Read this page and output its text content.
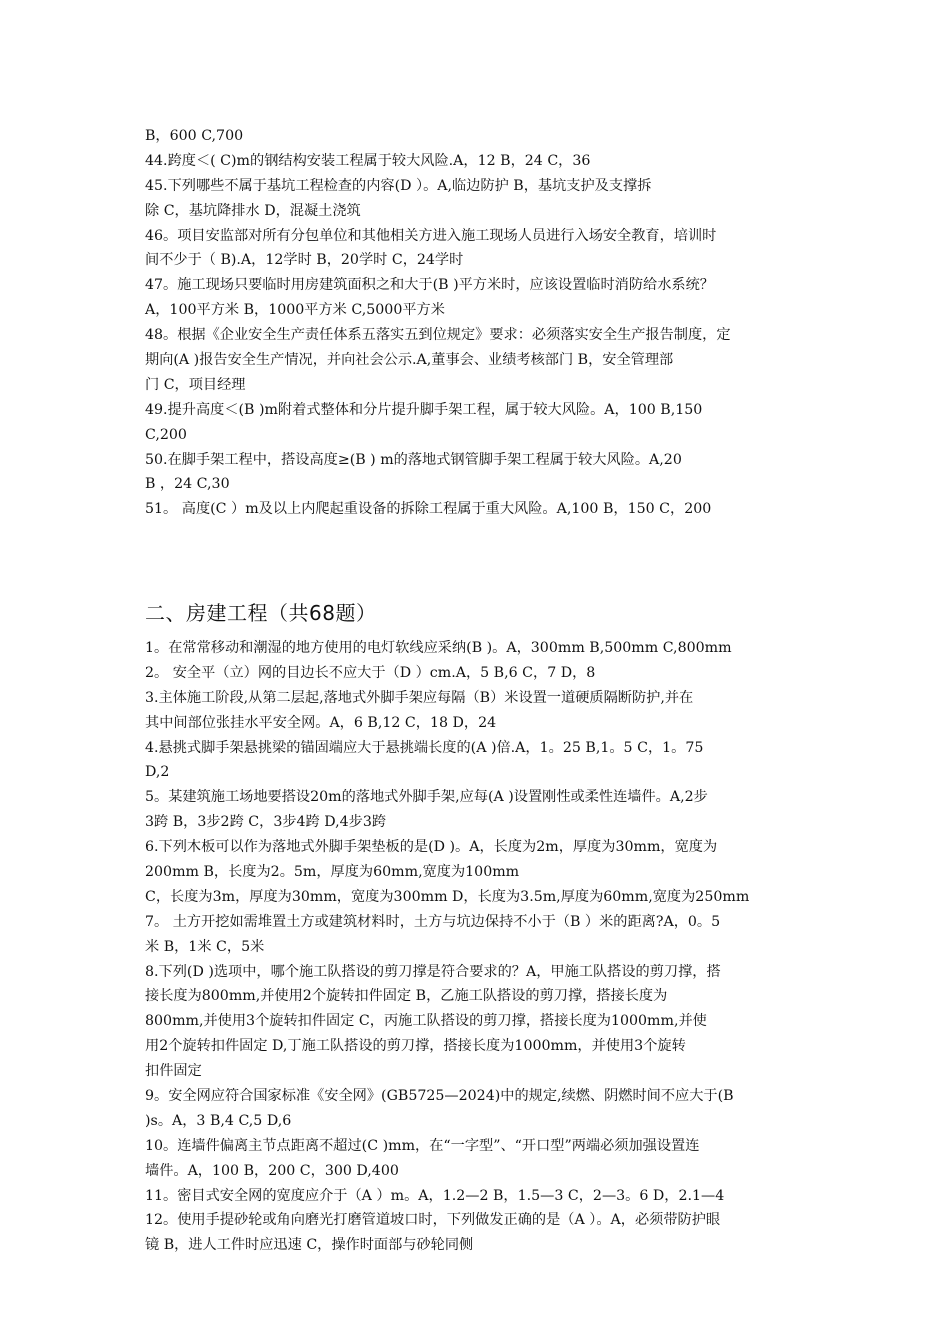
B，600 C,700
44.跨度＜( C)m的钢结构安装工程属于较大风险.A，12 B，24 C，36
45.下列哪些不属于基坑工程检查的内容(D ）。A,临边防护 B，基坑支护及支撑拆
除 C，基坑降排水 D，混凝土浇筑
46。项目安监部对所有分包单位和其他相关方进入施工现场人员进行入场安全教育，培训时
间不少于（ B).A，12学时 B，20学时 C，24学时
47。施工现场只要临时用房建筑面积之和大于(B )平方米时，应该设置临时消防给水系统？
A，100平方米 B，1000平方米 C,5000平方米
48。根据《企业安全生产责任体系五落实五到位规定》要求：必须落实安全生产报告制度，定
期向(A )报告安全生产情况，并向社会公示.A,董事会、业绩考核部门 B，安全管理部
门 C，项目经理
49.提升高度＜(B )m附着式整体和分片提升脚手架工程，属于较大风险。A，100 B,150
C,200
50.在脚手架工程中，搭设高度≥(B ) m的落地式钢管脚手架工程属于较大风险。A,20
B ，24 C,30
51。 高度(C ）m及以上内爬起重设备的拆除工程属于重大风险。A,100 B，150 C，200
二、房建工程（共68题）
1。在常常移动和潮湿的地方使用的电灯软线应采纳(B )。A，300mm B,500mm C,800mm
2。 安全平（立）网的目边长不应大于（D ）cm.A，5 B,6 C，7 D，8
3.主体施工阶段,从第二层起,落地式外脚手架应每隔（B）米设置一道硬质隔断防护,并在
其中间部位张挂水平安全网。A，6 B,12 C，18 D，24
4.悬挑式脚手架悬挑梁的锚固端应大于悬挑端长度的(A )倍.A，1。25 B,1。5 C，1。75
D,2
5。某建筑施工场地要搭设20m的落地式外脚手架,应每(A )设置刚性或柔性连墙件。A,2步
3跨 B，3步2跨 C，3步4跨 D,4步3跨
6.下列木板可以作为落地式外脚手架垫板的是(D )。A，长度为2m，厚度为30mm，宽度为
200mm B，长度为2。5m，厚度为60mm,宽度为100mm
C，长度为3m，厚度为30mm，宽度为300mm D，长度为3.5m,厚度为60mm,宽度为250mm
7。 土方开挖如需堆置土方或建筑材料时，土方与坑边保持不小于（B ）米的距离?A，0。5
米 B，1米 C，5米
8.下列(D )选项中，哪个施工队搭设的剪刀撑是符合要求的？A，甲施工队搭设的剪刀撑，搭
接长度为800mm,并使用2个旋转扣件固定 B，乙施工队搭设的剪刀撑，搭接长度为
800mm,并使用3个旋转扣件固定 C，丙施工队搭设的剪刀撑，搭接长度为1000mm,并使
用2个旋转扣件固定 D,丁施工队搭设的剪刀撑，搭接长度为1000mm，并使用3个旋转
扣件固定
9。安全网应符合国家标准《安全网》(GB5725—2024)中的规定,续燃、阴燃时间不应大于(B
)s。A，3 B,4 C,5 D,6
10。连墙件偏离主节点距离不超过(C )mm，在“一字型”、“开口型”两端必须加强设置连
墙件。A，100 B，200 C，300 D,400
11。密目式安全网的宽度应介于（A ）m。A，1.2—2 B，1.5—3 C，2—3。6 D，2.1—4
12。使用手提砂轮或角向磨光打磨管道坡口时，下列做发正确的是（A ）。A，必须带防护眼
镜 B，进人工件时应迅速 C，操作时面部与砂轮同侧
